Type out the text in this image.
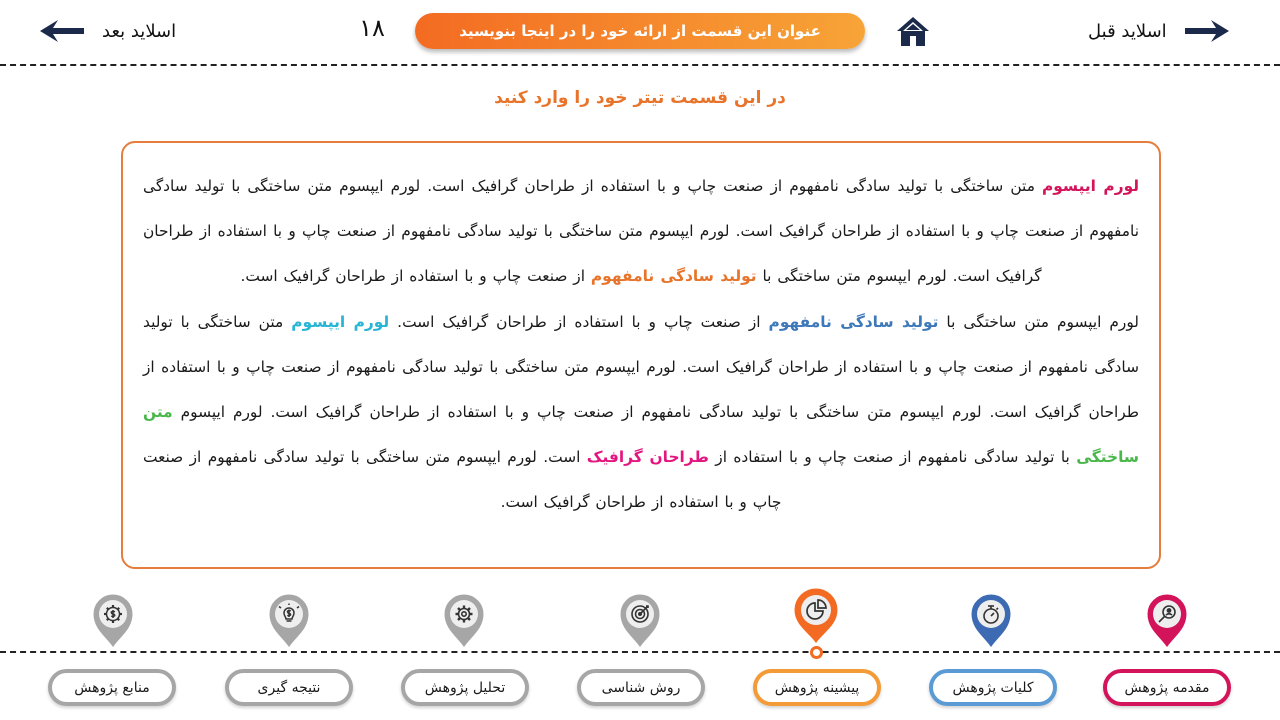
اسلاید بعد	۱۸	عنوان این قسمت از ارائه خود را در اینجا بنویسید	اسلاید قبل
در این قسمت تیتر خود را وارد کنید

لورم ایپسوم متن ساختگی با تولید سادگی نامفهوم از صنعت چاپ و با استفاده از طراحان گرافیک است. لورم ایپسوم متن ساختگی با تولید سادگی نامفهوم از صنعت چاپ و با استفاده از طراحان گرافیک است. لورم ایپسوم متن ساختگی با تولید سادگی نامفهوم از صنعت چاپ و با استفاده از طراحان گرافیک است. لورم ایپسوم متن ساختگی با تولید سادگی نامفهوم از صنعت چاپ و با استفاده از طراحان گرافیک است.

لورم ایپسوم متن ساختگی با تولید سادگی نامفهوم از صنعت چاپ و با استفاده از طراحان گرافیک است. لورم ایپسوم متن ساختگی با تولید سادگی نامفهوم از صنعت چاپ و با استفاده از طراحان گرافیک است. لورم ایپسوم متن ساختگی با تولید سادگی نامفهوم از صنعت چاپ و با استفاده از طراحان گرافیک است. لورم ایپسوم متن ساختگی با تولید سادگی نامفهوم از صنعت چاپ و با استفاده از طراحان گرافیک است. لورم ایپسوم متن ساختگی با تولید سادگی نامفهوم از صنعت چاپ و با استفاده از طراحان گرافیک است. لورم ایپسوم متن ساختگی با تولید سادگی نامفهوم از صنعت چاپ و با استفاده از طراحان گرافیک است.

مقدمه پژوهش
کلیات پژوهش
پیشینه پژوهش
روش شناسی
تحلیل پژوهش
نتیجه گیری
منابع پژوهش
